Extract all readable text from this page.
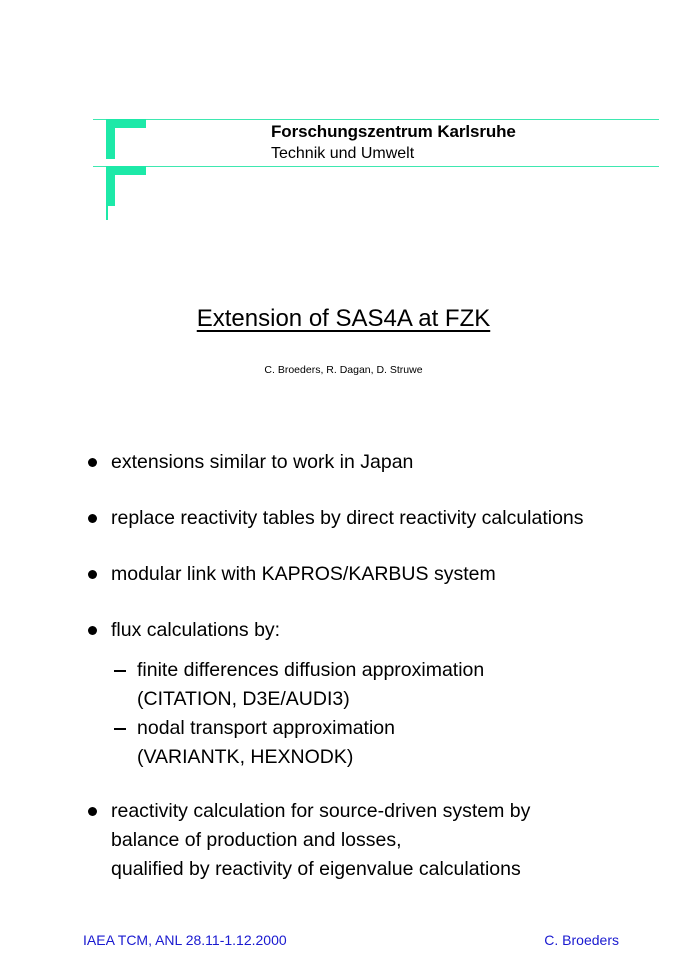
Forschungszentrum Karlsruhe
Technik und Umwelt
Extension of SAS4A at FZK
C. Broeders, R. Dagan, D. Struwe
extensions similar to work in Japan
replace reactivity tables by direct reactivity calculations
modular link with KAPROS/KARBUS system
flux calculations by:
finite differences diffusion approximation
(CITATION, D3E/AUDI3)
nodal transport approximation
(VARIANTK, HEXNODK)
reactivity calculation for source-driven system by
balance of production and losses,
qualified by reactivity of eigenvalue calculations
IAEA TCM, ANL 28.11-1.12.2000	C. Broeders
